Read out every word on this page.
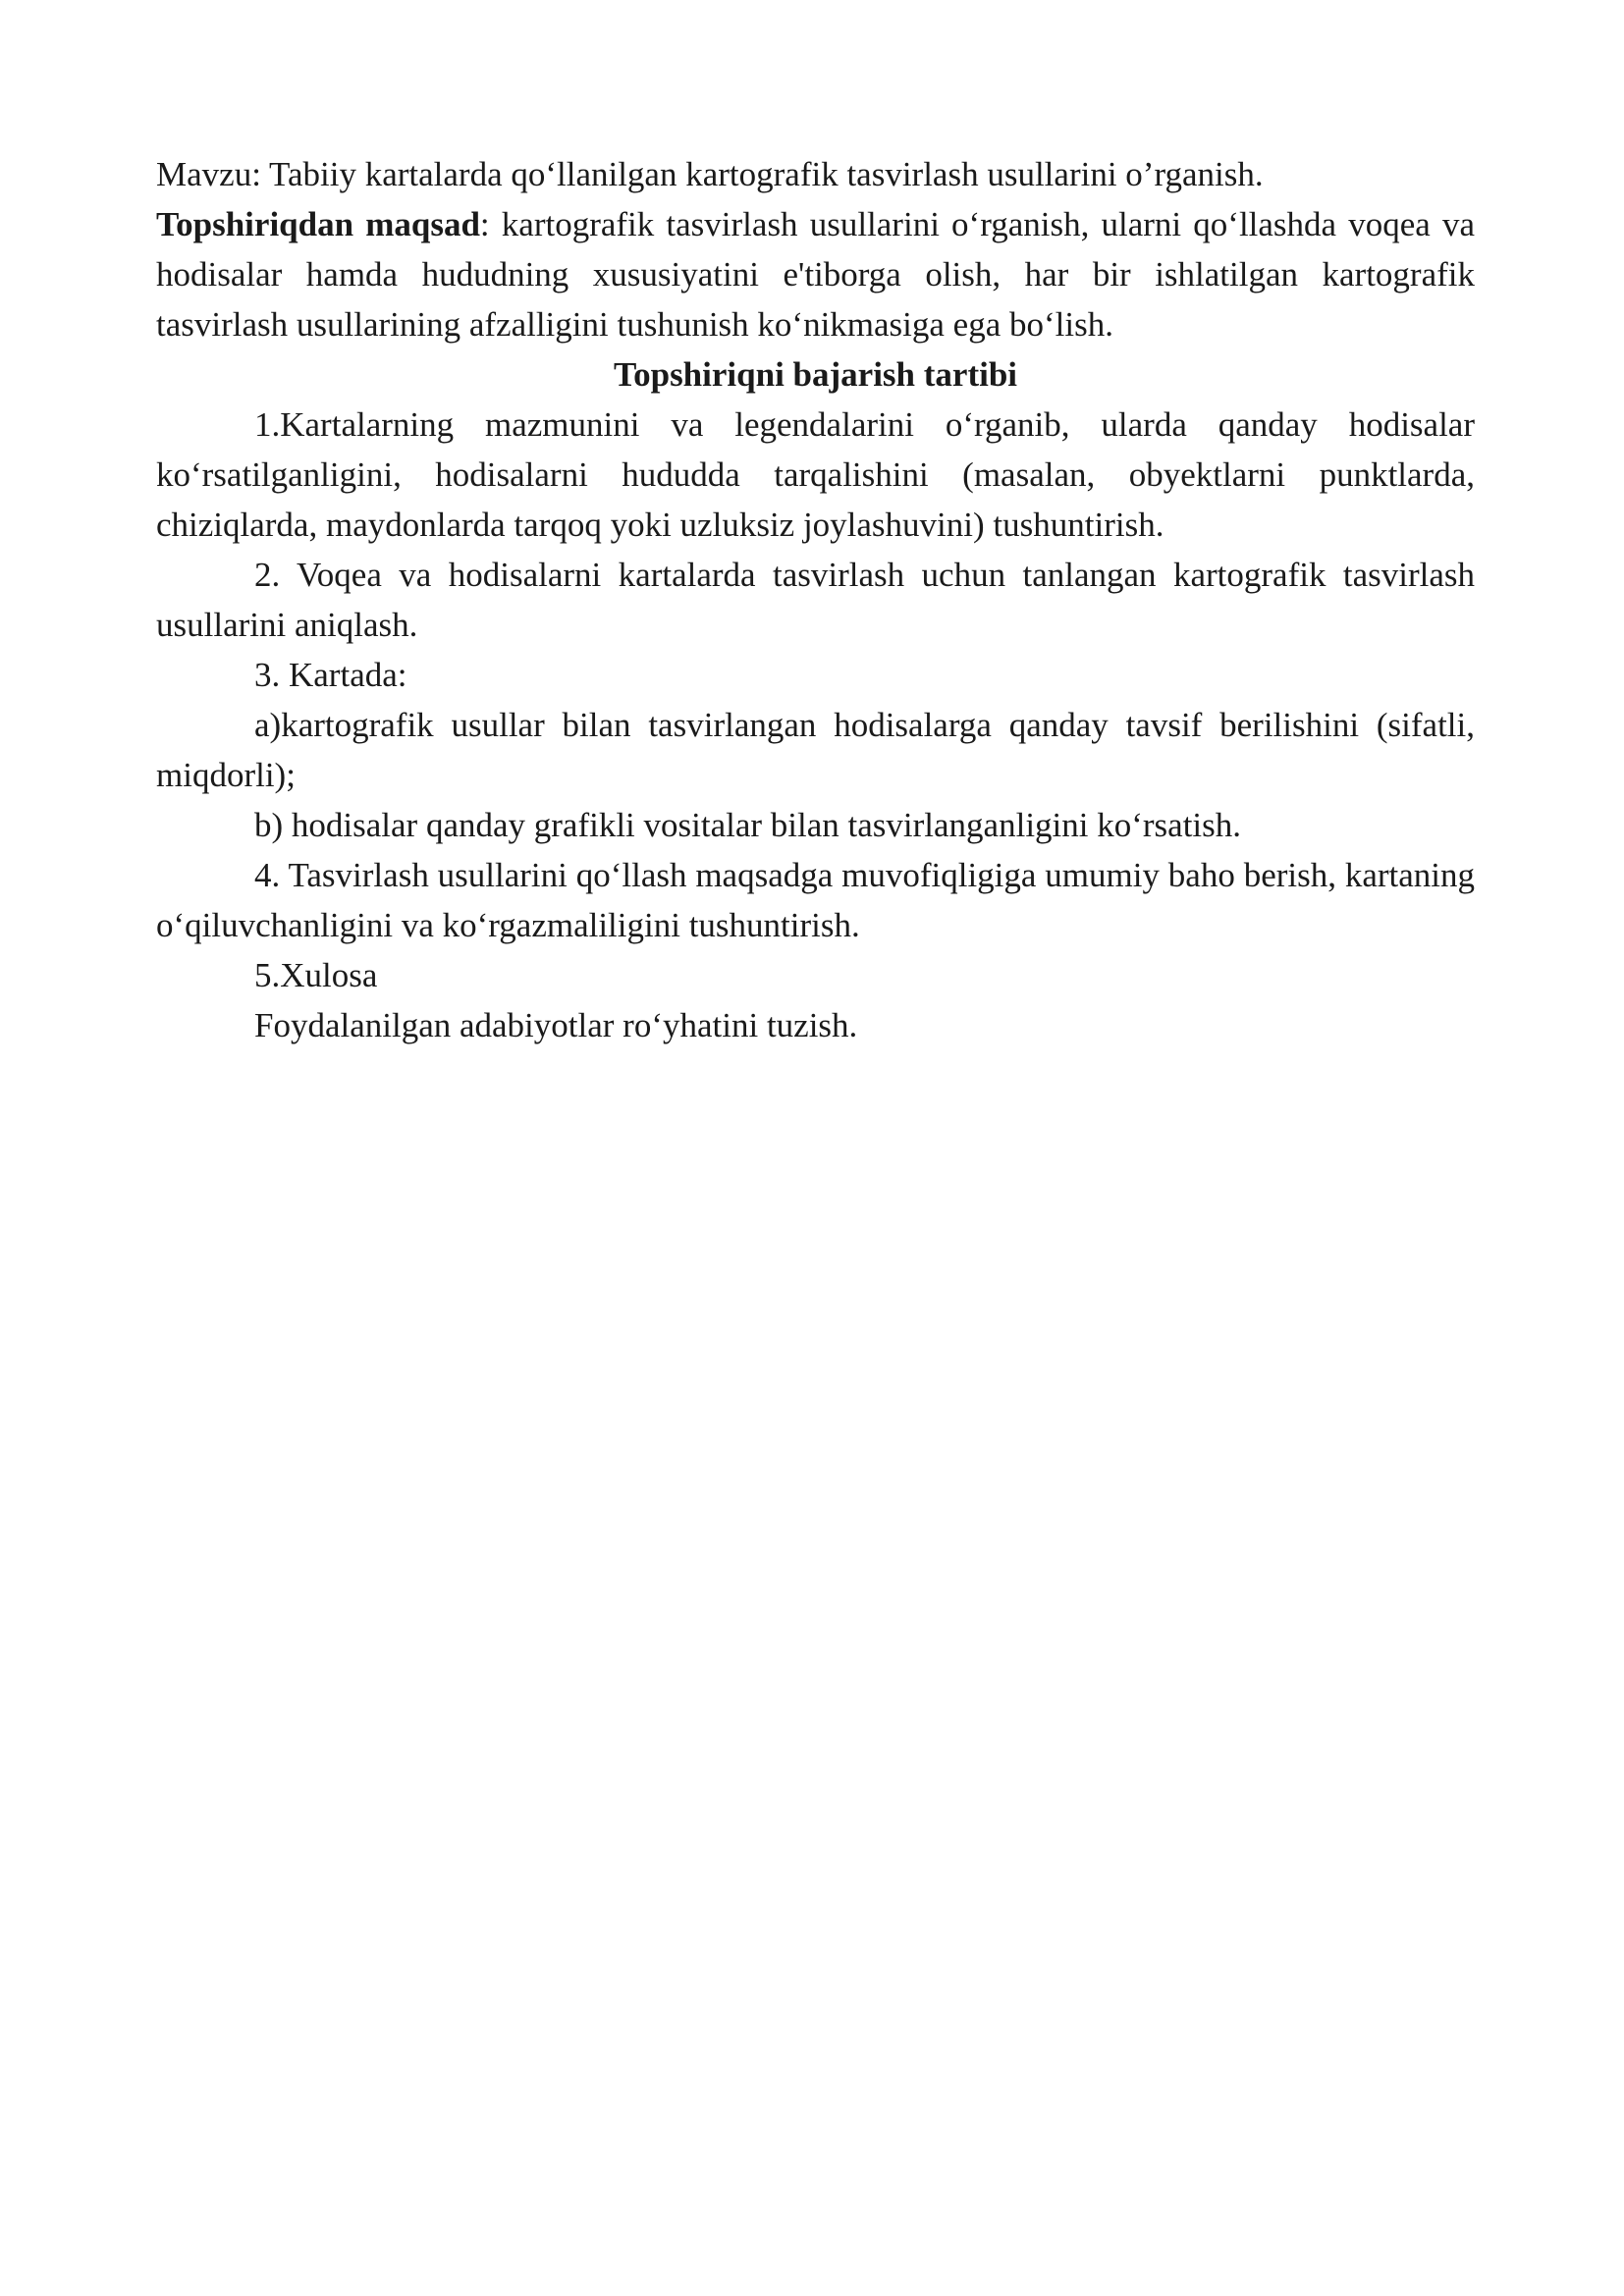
Mavzu: Tabiiy kartalarda qo‘llanilgan kartografik tasvirlash usullarini o’rganish.

Topshiriqdan maqsad: kartografik tasvirlash usullarini o‘rganish, ularni qo‘llashda voqea va hodisalar hamda hududning xususiyatini e'tiborga olish, har bir ishlatilgan kartografik tasvirlash usullarining afzalligini tushunish ko‘nikmasiga ega bo‘lish.

Topshiriqni bajarish tartibi

1.Kartalarning mazmunini va legendalarini o‘rganib, ularda qanday hodisalar ko‘rsatilganligini, hodisalarni hududda tarqalishini (masalan, obyektlarni punktlarda, chiziqlarda, maydonlarda tarqoq yoki uzluksiz joylashuvini) tushuntirish.

2. Voqea va hodisalarni kartalarda tasvirlash uchun tanlangan kartografik tasvirlash usullarini aniqlash.

3. Kartada:

a)kartografik usullar bilan tasvirlangan hodisalarga qanday tavsif berilishini (sifatli, miqdorli);

b) hodisalar qanday grafikli vositalar bilan tasvirlanganligini ko‘rsatish.

4. Tasvirlash usullarini qo‘llash maqsadga muvofiqligiga umumiy baho berish, kartaning o‘qiluvchanligini va ko‘rgazmaliligini tushuntirish.

5.Xulosa

Foydalanilgan adabiyotlar ro‘yhatini tuzish.
